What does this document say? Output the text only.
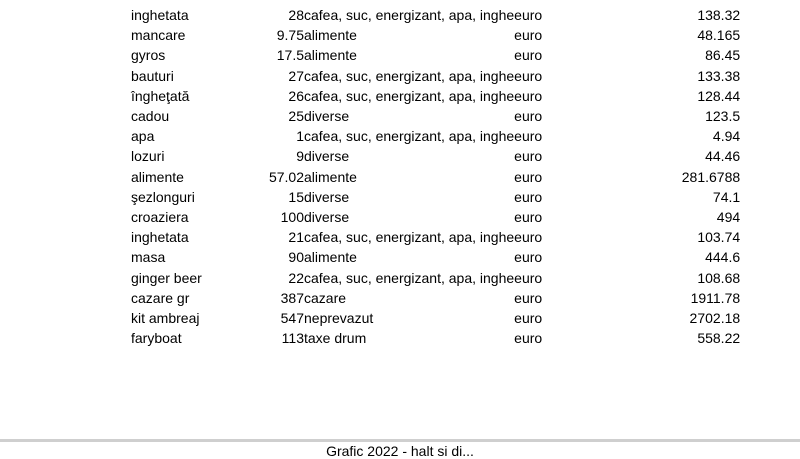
inghetata	28	cafea, suc, energizant, apa, inghe	euro	138.32
mancare	9.75	alimente	euro	48.165
gyros	17.5	alimente	euro	86.45
bauturi	27	cafea, suc, energizant, apa, inghe	euro	133.38
îngheţată	26	cafea, suc, energizant, apa, inghe	euro	128.44
cadou	25	diverse	euro	123.5
apa	1	cafea, suc, energizant, apa, inghe	euro	4.94
lozuri	9	diverse	euro	44.46
alimente	57.02	alimente	euro	281.6788
şezlonguri	15	diverse	euro	74.1
croaziera	100	diverse	euro	494
inghetata	21	cafea, suc, energizant, apa, inghe	euro	103.74
masa	90	alimente	euro	444.6
ginger beer	22	cafea, suc, energizant, apa, inghe	euro	108.68
cazare gr	387	cazare	euro	1911.78
kit ambreaj	547	neprevazut	euro	2702.18
faryboat	113	taxe drum	euro	558.22
Grafic 2022 - halt si di...
